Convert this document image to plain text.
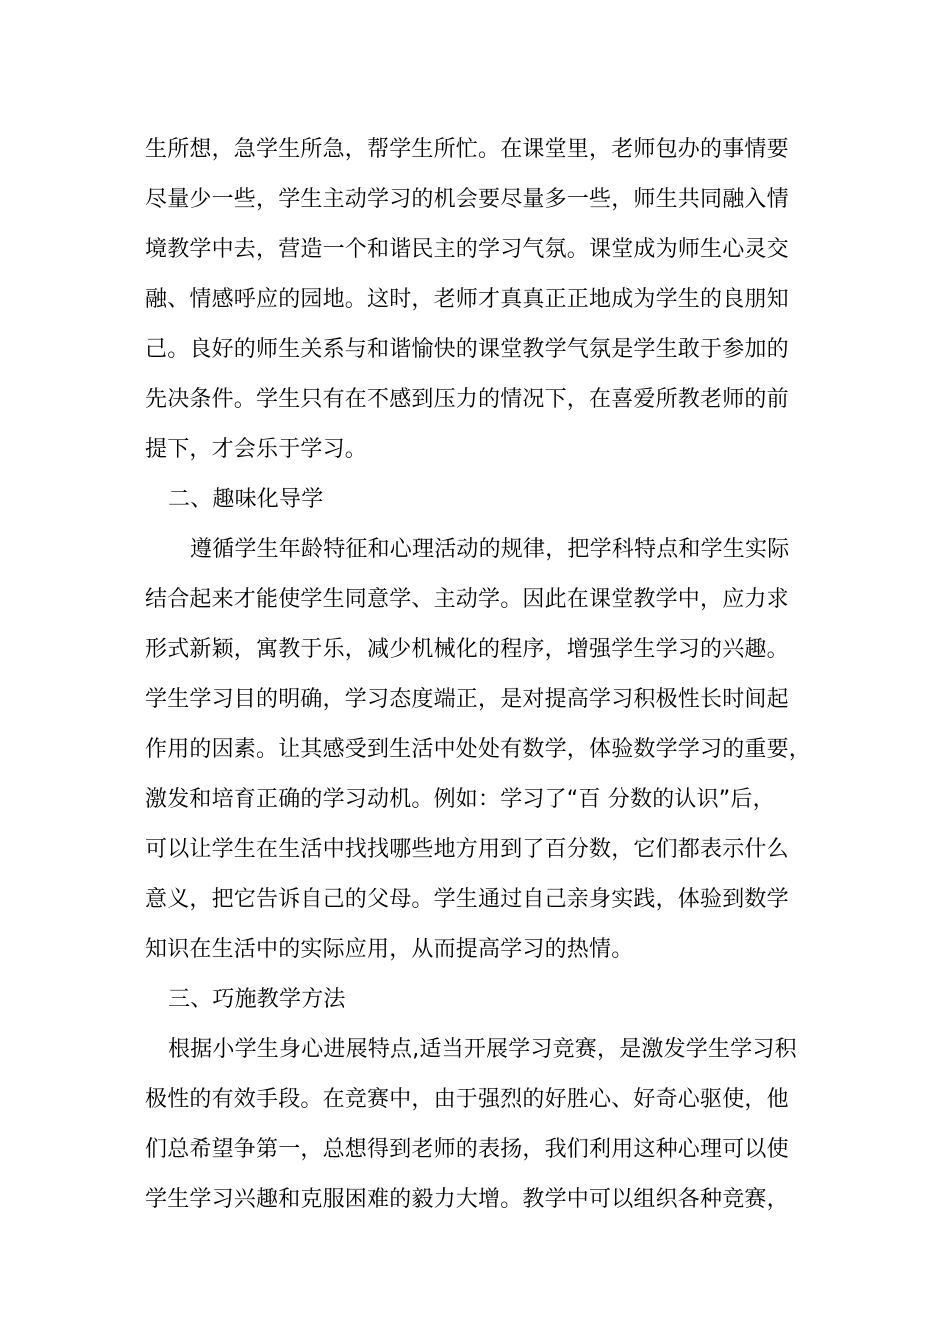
生所想，急学生所急，帮学生所忙。在课堂里，老师包办的事情要
尽量少一些，学生主动学习的机会要尽量多一些，师生共同融入情
境教学中去，营造一个和谐民主的学习气氛。课堂成为师生心灵交
融、情感呼应的园地。这时，老师才真真正正地成为学生的良朋知
己。良好的师生关系与和谐愉快的课堂教学气氛是学生敢于参加的
先决条件。学生只有在不感到压力的情况下，在喜爱所教老师的前
提下，才会乐于学习。
二、趣味化导学
遵循学生年龄特征和心理活动的规律，把学科特点和学生实际
结合起来才能使学生同意学、主动学。因此在课堂教学中，应力求
形式新颖，寓教于乐，减少机械化的程序，增强学生学习的兴趣。
学生学习目的明确，学习态度端正，是对提高学习积极性长时间起
作用的因素。让其感受到生活中处处有数学，体验数学学习的重要，
激发和培育正确的学习动机。例如：学习了“百 分数的认识”后，
可以让学生在生活中找找哪些地方用到了百分数，它们都表示什么
意义，把它告诉自己的父母。学生通过自己亲身实践，体验到数学
知识在生活中的实际应用，从而提高学习的热情。
三、巧施教学方法
根据小学生身心进展特点,适当开展学习竞赛，是激发学生学习积
极性的有效手段。在竞赛中，由于强烈的好胜心、好奇心驱使，他
们总希望争第一，总想得到老师的表扬，我们利用这种心理可以使
学生学习兴趣和克服困难的毅力大增。教学中可以组织各种竞赛，
